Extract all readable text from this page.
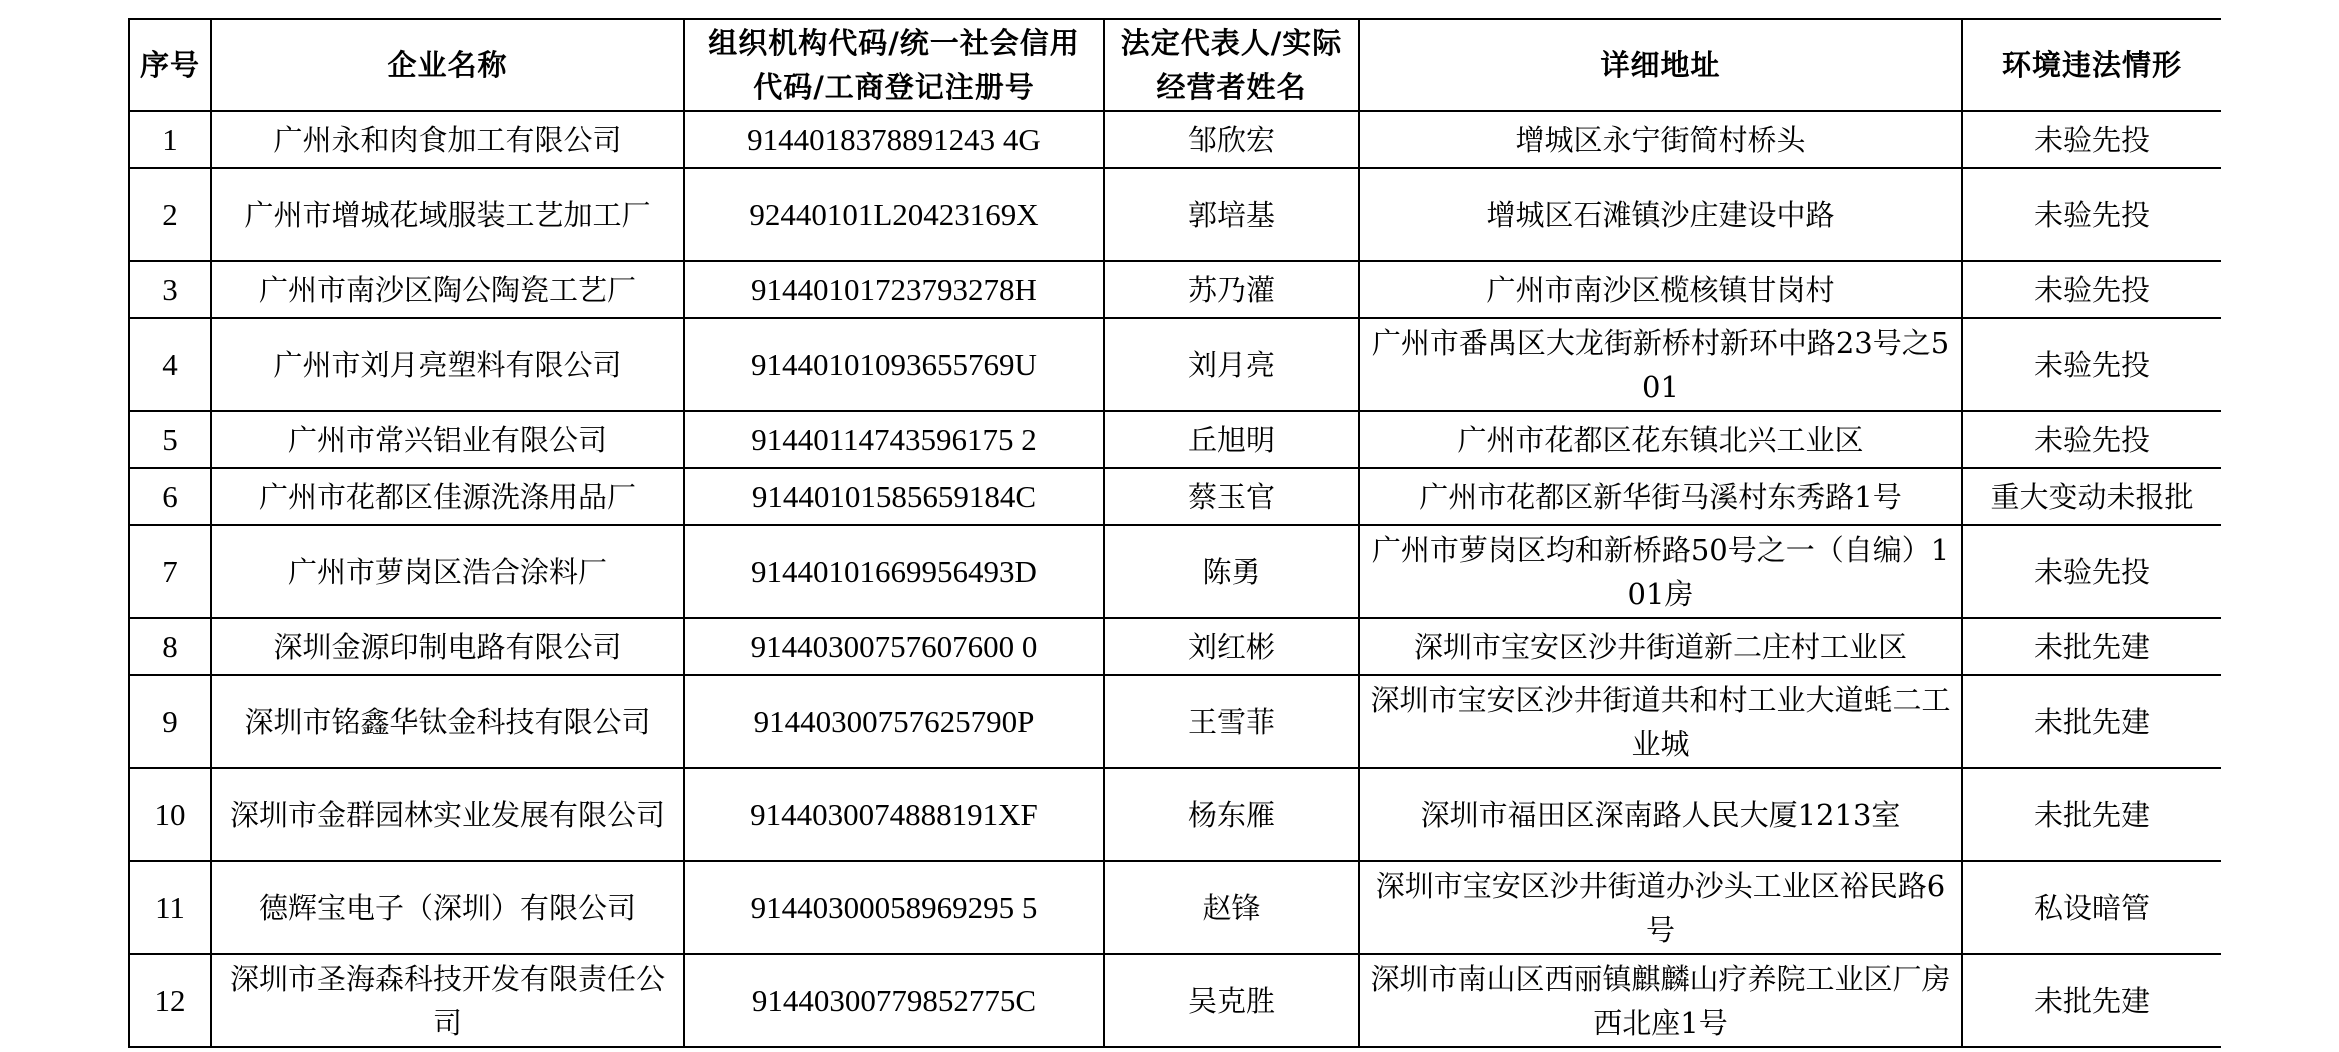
序号	企业名称	组织机构代码/统一社会信用代码/工商登记注册号	法定代表人/实际经营者姓名	详细地址	环境违法情形
1	广州永和肉食加工有限公司	9144018378891243 4G	邹欣宏	增城区永宁街简村桥头	未验先投
2	广州市增城花域服装工艺加工厂	92440101L20423169X	郭培基	增城区石滩镇沙庄建设中路	未验先投
3	广州市南沙区陶公陶瓷工艺厂	91440101723793278H	苏乃灌	广州市南沙区榄核镇甘岗村	未验先投
4	广州市刘月亮塑料有限公司	91440101093655769U	刘月亮	广州市番禺区大龙街新桥村新环中路23号之501	未验先投
5	广州市常兴铝业有限公司	91440114743596175 2	丘旭明	广州市花都区花东镇北兴工业区	未验先投
6	广州市花都区佳源洗涤用品厂	91440101585659184C	蔡玉官	广州市花都区新华街马溪村东秀路1号	重大变动未报批
7	广州市萝岗区浩合涂料厂	91440101669956493D	陈勇	广州市萝岗区均和新桥路50号之一（自编）101房	未验先投
8	深圳金源印制电路有限公司	91440300757607600 0	刘红彬	深圳市宝安区沙井街道新二庄村工业区	未批先建
9	深圳市铭鑫华钛金科技有限公司	91440300757625790P	王雪菲	深圳市宝安区沙井街道共和村工业大道蚝二工业城	未批先建
10	深圳市金群园林实业发展有限公司	9144030074888191XF	杨东雁	深圳市福田区深南路人民大厦1213室	未批先建
11	德辉宝电子（深圳）有限公司	91440300058969295 5	赵锋	深圳市宝安区沙井街道办沙头工业区裕民路6号	私设暗管
12	深圳市圣海森科技开发有限责任公司	91440300779852775C	吴克胜	深圳市南山区西丽镇麒麟山疗养院工业区厂房西北座1号	未批先建
